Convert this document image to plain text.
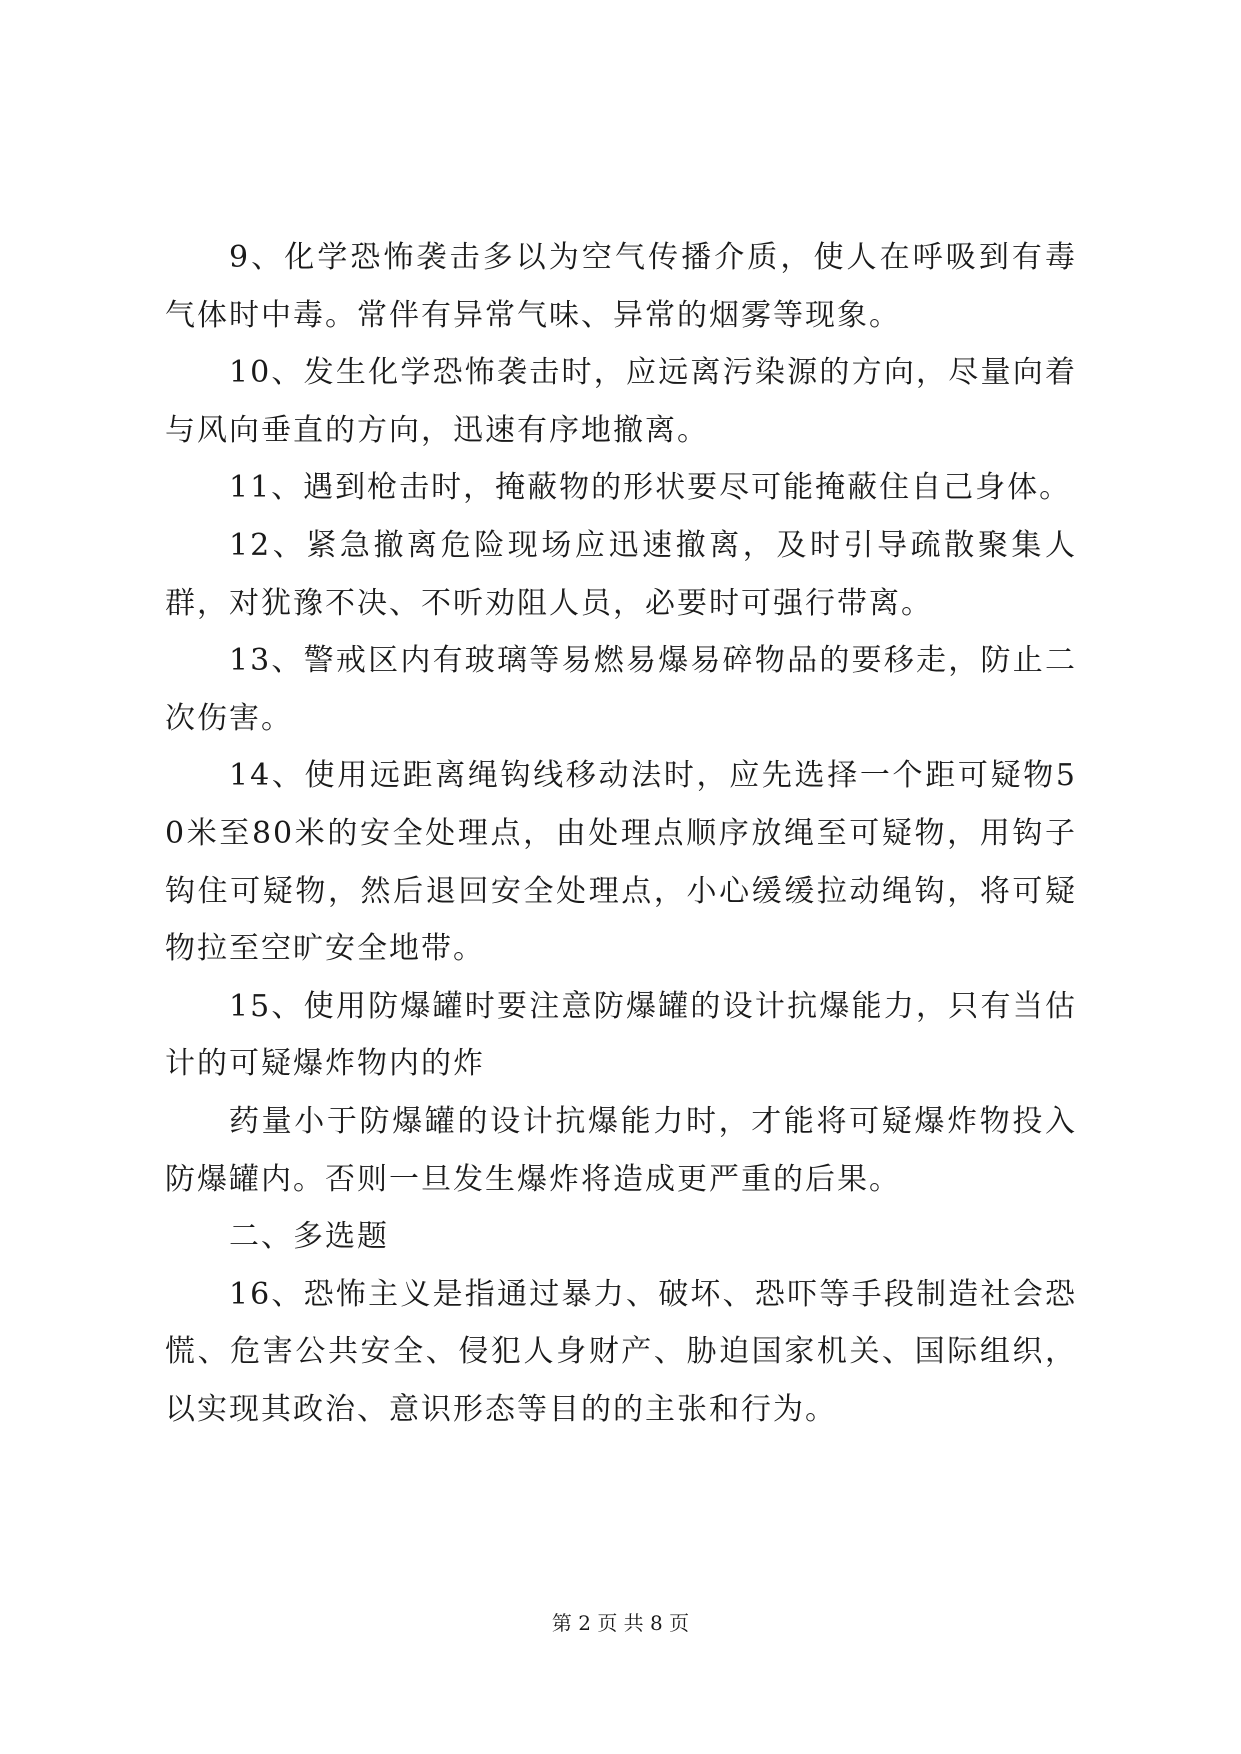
9、化学恐怖袭击多以为空气传播介质，使人在呼吸到有毒气体时中毒。常伴有异常气味、异常的烟雾等现象。

10、发生化学恐怖袭击时，应远离污染源的方向，尽量向着与风向垂直的方向，迅速有序地撤离。

11、遇到枪击时，掩蔽物的形状要尽可能掩蔽住自己身体。

12、紧急撤离危险现场应迅速撤离，及时引导疏散聚集人群，对犹豫不决、不听劝阻人员，必要时可强行带离。

13、警戒区内有玻璃等易燃易爆易碎物品的要移走，防止二次伤害。

14、使用远距离绳钩线移动法时，应先选择一个距可疑物50米至80米的安全处理点，由处理点顺序放绳至可疑物，用钩子钩住可疑物，然后退回安全处理点，小心缓缓拉动绳钩，将可疑物拉至空旷安全地带。

15、使用防爆罐时要注意防爆罐的设计抗爆能力，只有当估计的可疑爆炸物内的炸

药量小于防爆罐的设计抗爆能力时，才能将可疑爆炸物投入防爆罐内。否则一旦发生爆炸将造成更严重的后果。

二、多选题

16、恐怖主义是指通过暴力、破坏、恐吓等手段制造社会恐慌、危害公共安全、侵犯人身财产、胁迫国家机关、国际组织，以实现其政治、意识形态等目的的主张和行为。

第 2 页 共 8 页
